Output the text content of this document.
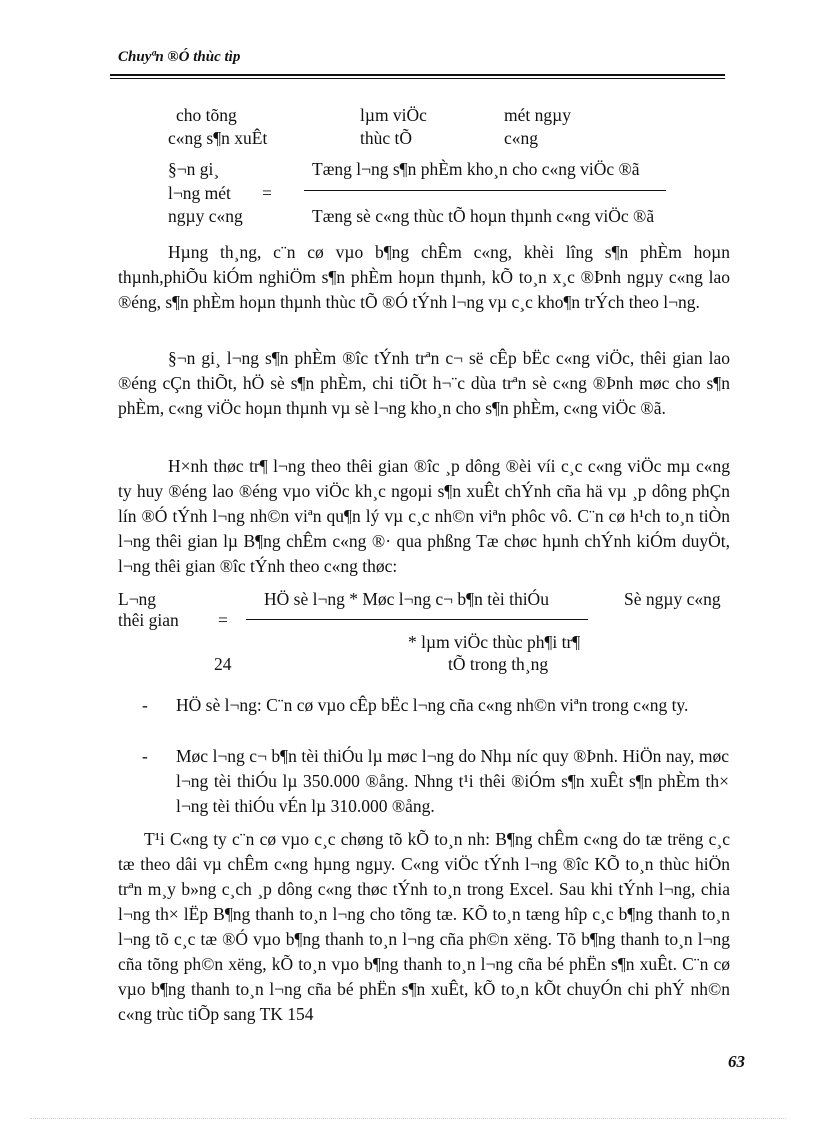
Chuyªn ®Ó thùc tìp
cho tõng
c«ng s¶n xuÊt
lµm viÖc
thùc tÕ
mét ngµy
c«ng
§¬n gi¸
l¬ng mét
ngµy c«ng
=
Tæng l¬ng s¶n phÈm kho¸n cho c«ng viÖc ®ã
Tæng sè c«ng thùc tÕ hoµn thµnh c«ng viÖc ®ã
Hµng th¸ng, c¨n cø vµo b¶ng chÊm c«ng, khèi lîng s¶n phÈm hoµn thµnh,phiÕu kiÓm nghiÖm s¶n phÈm hoµn thµnh, kÕ to¸n x¸c ®Þnh ngµy c«ng lao ®éng, s¶n phÈm hoµn thµnh thùc tÕ ®Ó tÝnh l¬ng vµ c¸c kho¶n trÝch theo l¬ng.
§¬n gi¸ l¬ng s¶n phÈm ®îc tÝnh trªn c¬ së cÊp bËc c«ng viÖc, thêi gian lao ®éng cÇn thiÕt, hÖ sè s¶n phÈm, chi tiÕt h¬¨c dùa trªn sè c«ng ®Þnh møc cho s¶n phÈm, c«ng viÖc hoµn thµnh vµ sè l¬ng kho¸n cho s¶n phÈm, c«ng viÖc ®ã.
H×nh thøc tr¶ l¬ng theo thêi gian ®îc ¸p dông ®èi víi c¸c c«ng viÖc mµ c«ng ty huy ®éng lao ®éng vµo viÖc kh¸c ngoµi s¶n xuÊt chÝnh cña hä vµ ¸p dông phÇn lín ®Ó tÝnh l¬ng nh©n viªn qu¶n lý vµ c¸c nh©n viªn phôc vô. C¨n cø h¹ch to¸n tiÒn l¬ng thêi gian lµ B¶ng chÊm c«ng ®· qua phßng Tæ chøc hµnh chÝnh kiÓm duyÖt, l¬ng thêi gian ®îc tÝnh theo c«ng thøc:
L¬ng
thêi gian =
HÖ sè l¬ng * Møc l¬ng c¬ b¶n tèi thiÓu	Sè ngµy c«ng
* lµm viÖc thùc ph¶i tr¶
24	tÕ trong th¸ng
- HÖ sè l¬ng: C¨n cø vµo cÊp bËc l¬ng cña c«ng nh©n viªn trong c«ng ty.
- Møc l¬ng c¬ b¶n tèi thiÓu lµ møc l¬ng do Nhµ níc quy ®Þnh. HiÖn nay, møc l¬ng tèi thiÓu lµ 350.000 ®ång. Nhng t¹i thêi ®iÓm s¶n xuÊt s¶n phÈm th× l¬ng tèi thiÓu vÉn lµ 310.000 ®ång.
T¹i C«ng ty c¨n cø vµo c¸c chøng tõ kÕ to¸n nh: B¶ng chÊm c«ng do tæ trëng c¸c tæ theo dâi vµ chÊm c«ng hµng ngµy. C«ng viÖc tÝnh l¬ng ®îc KÕ to¸n thùc hiÖn trªn m¸y b»ng c¸ch ¸p dông c«ng thøc tÝnh to¸n trong Excel. Sau khi tÝnh l¬ng, chia l¬ng th× lËp B¶ng thanh to¸n l¬ng cho tõng tæ. KÕ to¸n tæng hîp c¸c b¶ng thanh to¸n l¬ng tõ c¸c tæ ®Ó vµo b¶ng thanh to¸n l¬ng cña ph©n xëng. Tõ b¶ng thanh to¸n l¬ng cña tõng ph©n xëng, kÕ to¸n vµo b¶ng thanh to¸n l¬ng cña bé phËn s¶n xuÊt. C¨n cø vµo b¶ng thanh to¸n l¬ng cña bé phËn s¶n xuÊt, kÕ to¸n kÕt chuyÓn chi phÝ nh©n c«ng trùc tiÕp sang TK 154
63
